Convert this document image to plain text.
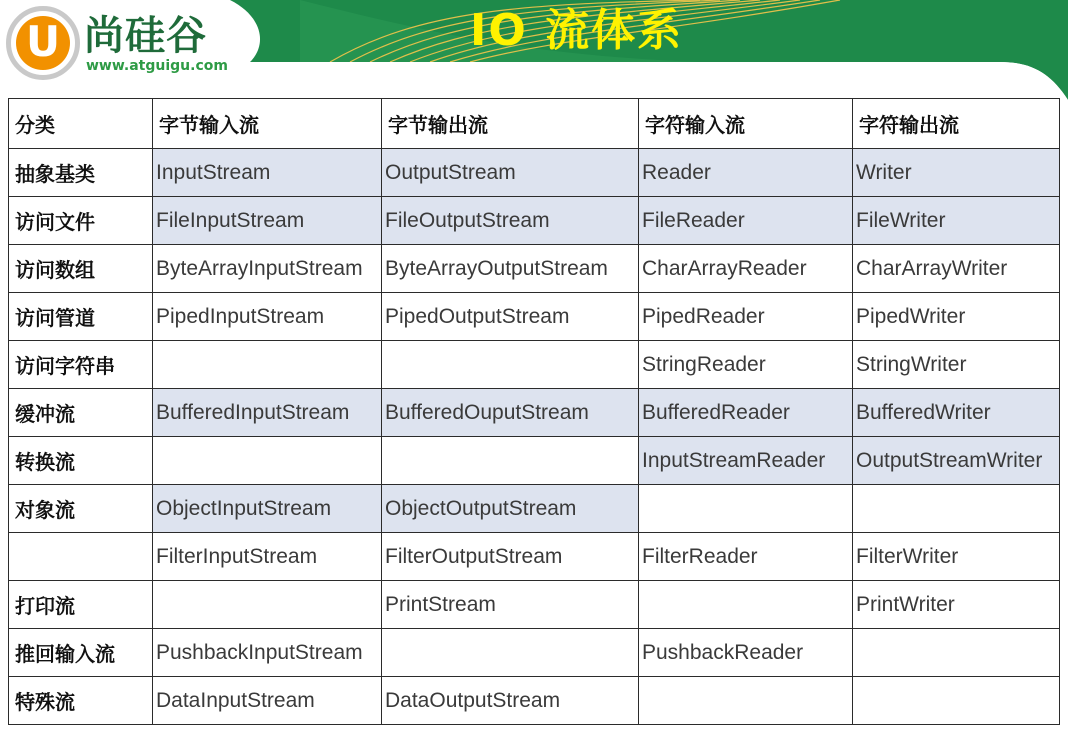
U 尚硅谷
www.atguigu.com
IO 流体系
分类	字节输入流	字节输出流	字符输入流	字符输出流
抽象基类	InputStream	OutputStream	Reader	Writer
访问文件	FileInputStream	FileOutputStream	FileReader	FileWriter
访问数组	ByteArrayInputStream	ByteArrayOutputStream	CharArrayReader	CharArrayWriter
访问管道	PipedInputStream	PipedOutputStream	PipedReader	PipedWriter
访问字符串			StringReader	StringWriter
缓冲流	BufferedInputStream	BufferedOuputStream	BufferedReader	BufferedWriter
转换流			InputStreamReader	OutputStreamWriter
对象流	ObjectInputStream	ObjectOutputStream		
	FilterInputStream	FilterOutputStream	FilterReader	FilterWriter
打印流		PrintStream		PrintWriter
推回输入流	PushbackInputStream		PushbackReader	
特殊流	DataInputStream	DataOutputStream		
